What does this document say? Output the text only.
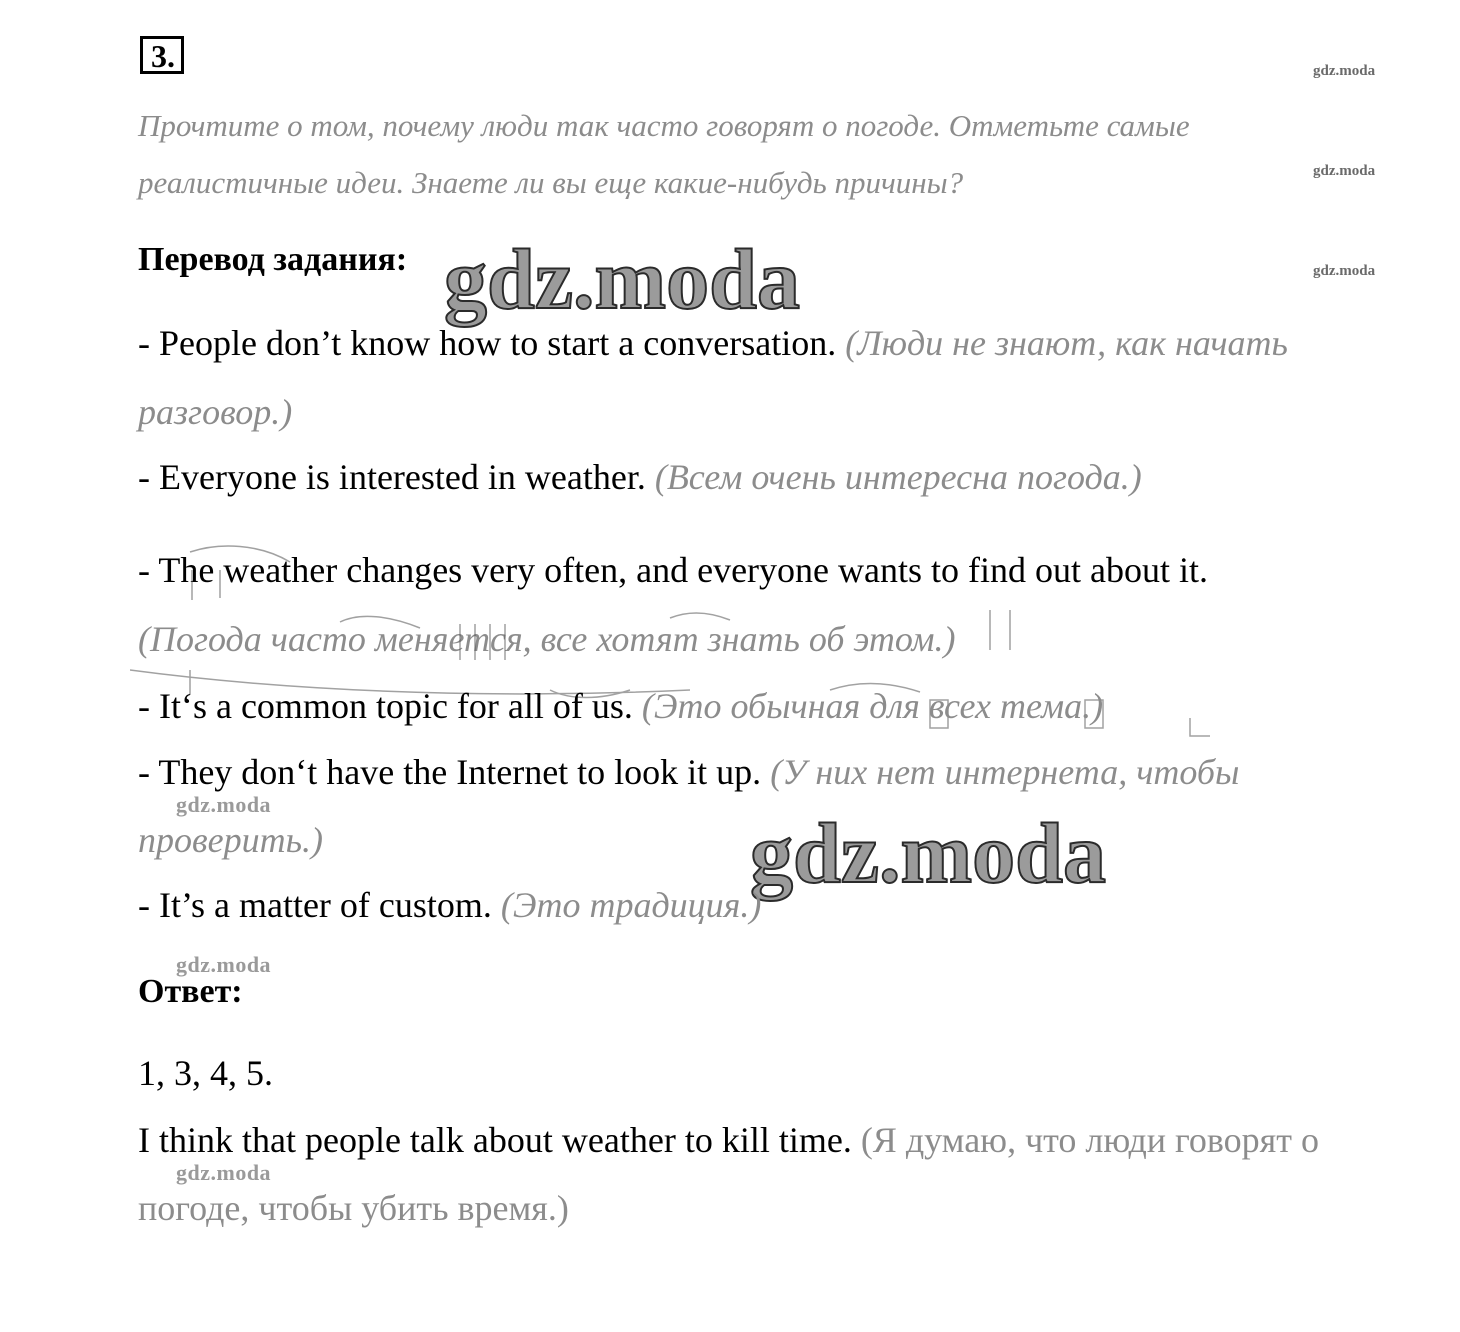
3.	gdz.moda
gdz.moda
gdz.moda
Прочтите о том, почему люди так часто говорят о погоде. Отметьте самые
реалистичные идеи. Знаете ли вы еще какие-нибудь причины?
Перевод задания: gdz.moda
- People don’t know how to start a conversation. (Люди не знают, как начать
разговор.)
- Everyone is interested in weather. (Всем очень интересна погода.)
- The weather changes very often, and everyone wants to find out about it.
(Погода часто меняется, все хотят знать об этом.)
- It‘s a common topic for all of us. (Это обычная для всех тема.)
- They don‘t have the Internet to look it up. (У них нет интернета, чтобы
gdz.moda
проверить.)	gdz.moda
- It’s a matter of custom. (Это традиция.)
gdz.moda
Ответ:
1, 3, 4, 5.
I think that people talk about weather to kill time. (Я думаю, что люди говорят о
gdz.moda
погоде, чтобы убить время.)
